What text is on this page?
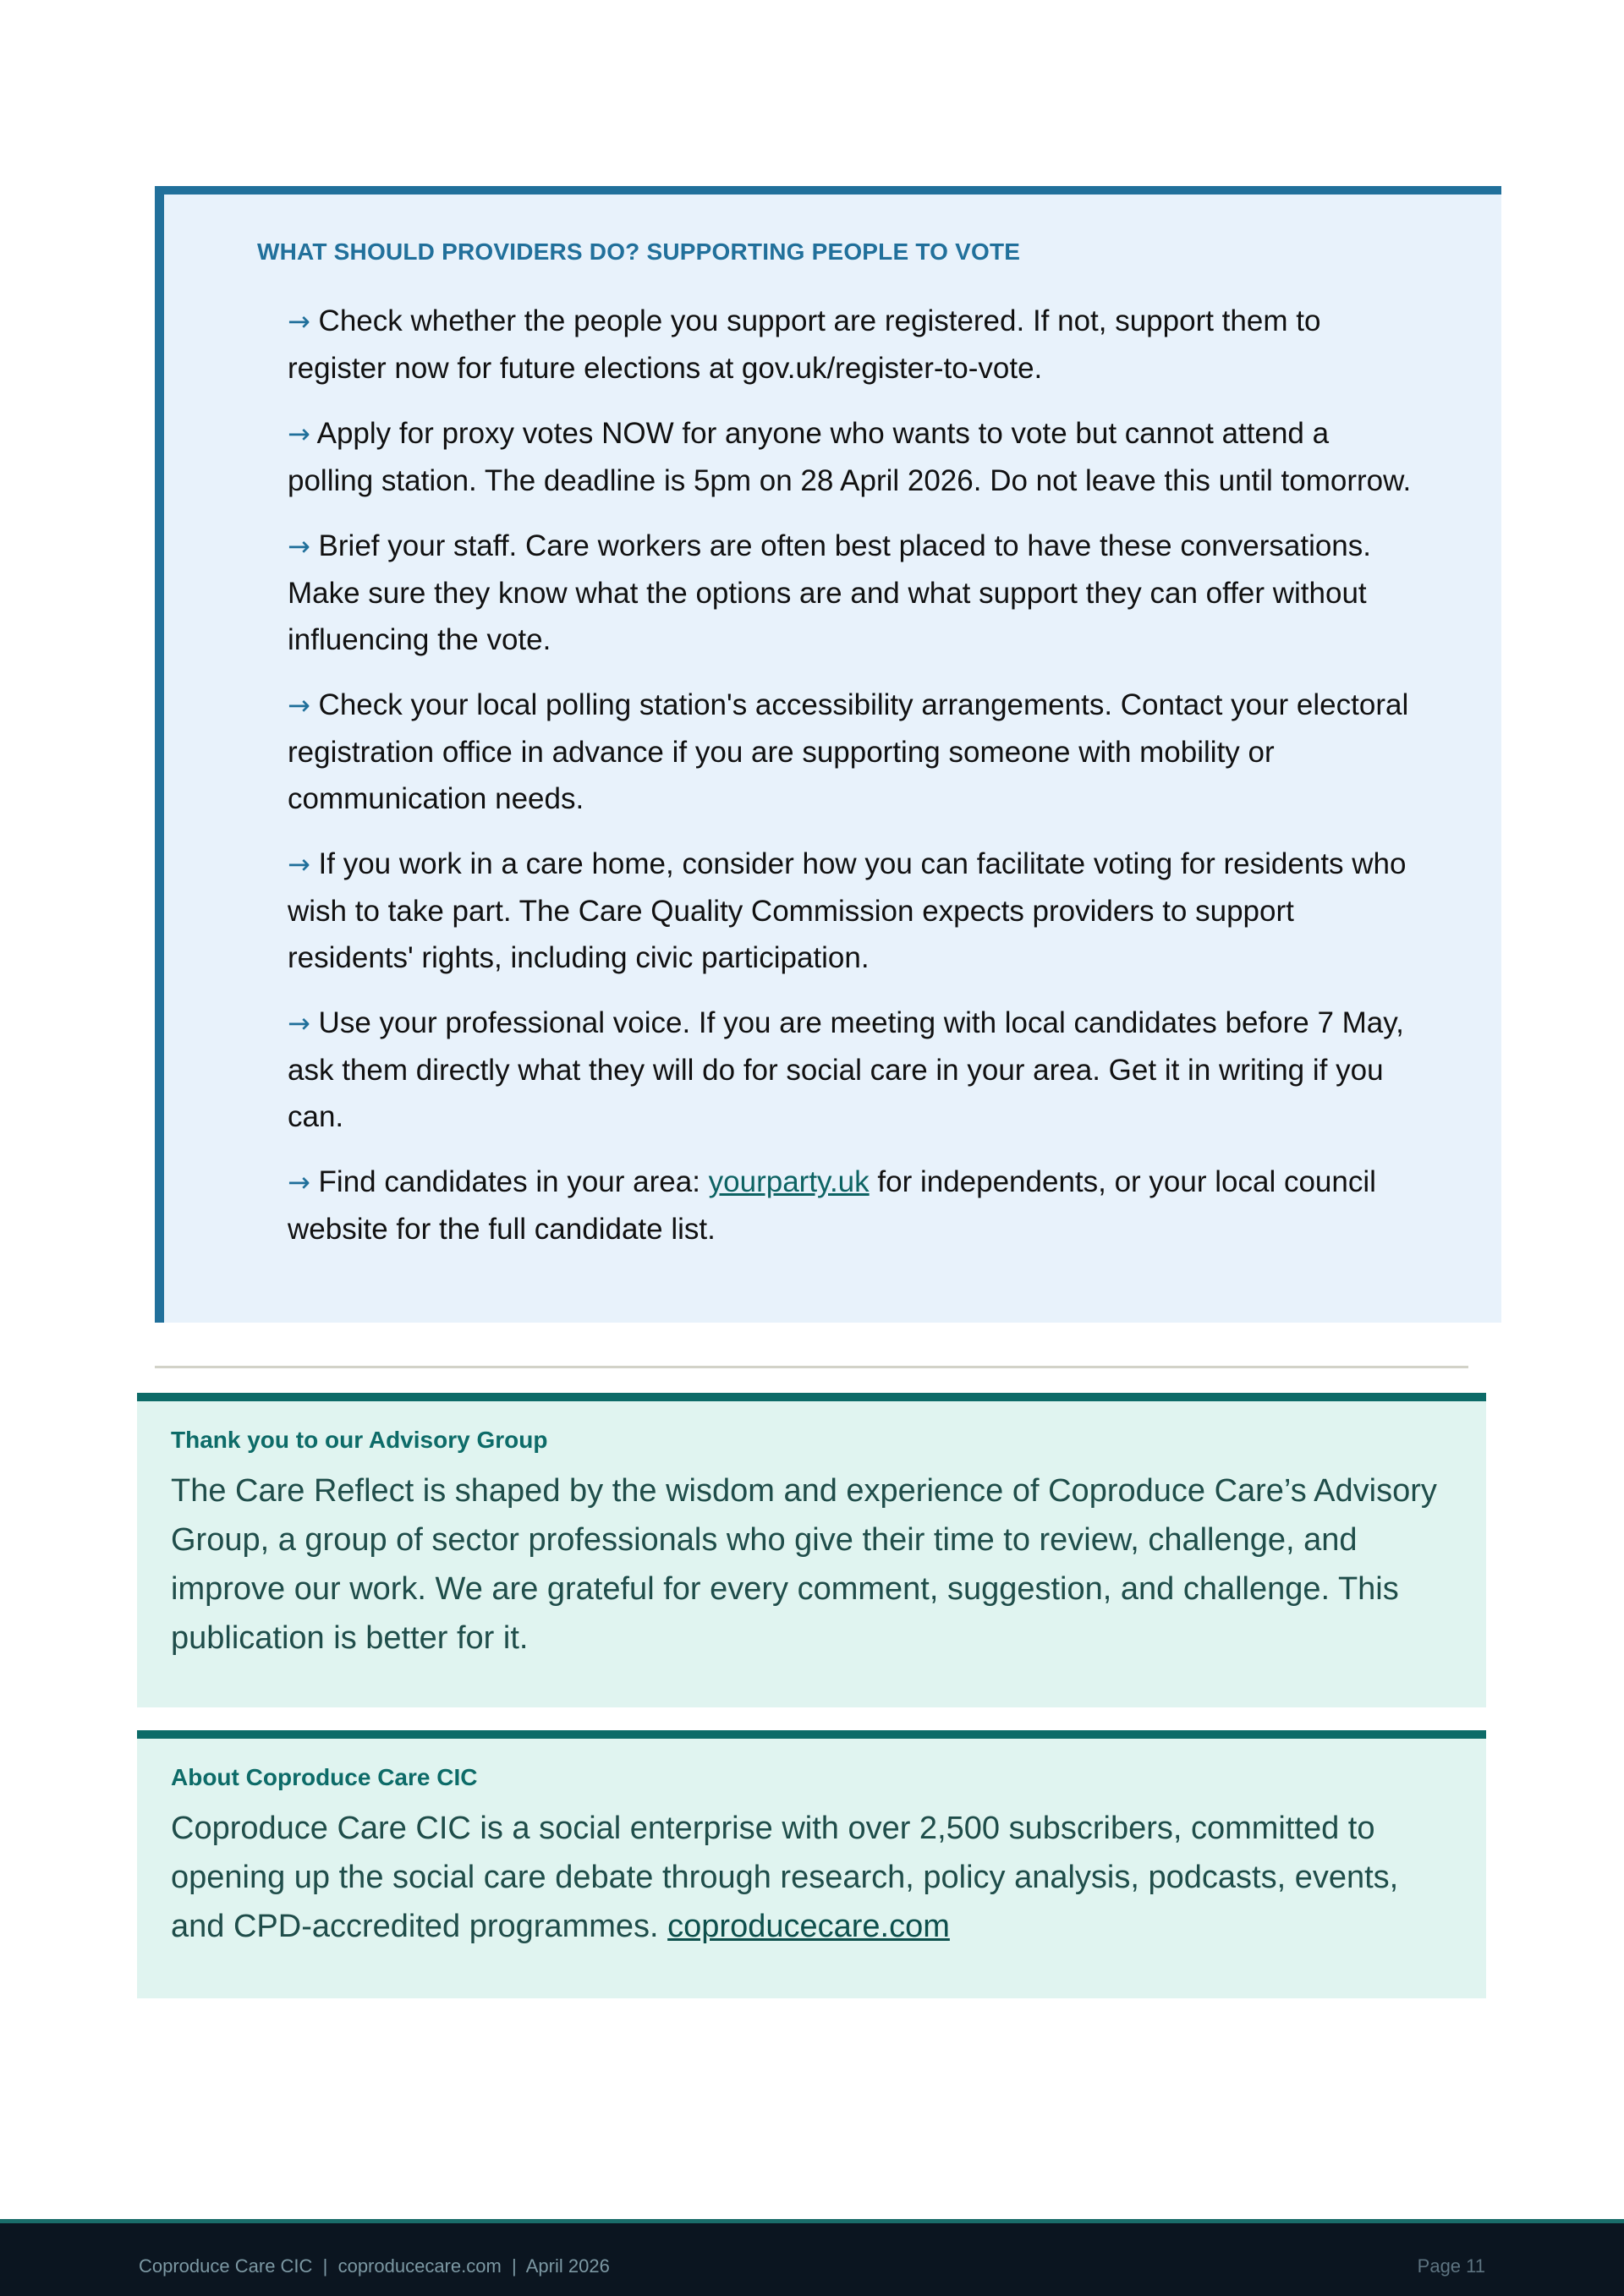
WHAT SHOULD PROVIDERS DO? SUPPORTING PEOPLE TO VOTE
→ Check whether the people you support are registered. If not, support them to register now for future elections at gov.uk/register-to-vote.
→ Apply for proxy votes NOW for anyone who wants to vote but cannot attend a polling station. The deadline is 5pm on 28 April 2026. Do not leave this until tomorrow.
→ Brief your staff. Care workers are often best placed to have these conversations. Make sure they know what the options are and what support they can offer without influencing the vote.
→ Check your local polling station's accessibility arrangements. Contact your electoral registration office in advance if you are supporting someone with mobility or communication needs.
→ If you work in a care home, consider how you can facilitate voting for residents who wish to take part. The Care Quality Commission expects providers to support residents' rights, including civic participation.
→ Use your professional voice. If you are meeting with local candidates before 7 May, ask them directly what they will do for social care in your area. Get it in writing if you can.
→ Find candidates in your area: yourparty.uk for independents, or your local council website for the full candidate list.
Thank you to our Advisory Group

The Care Reflect is shaped by the wisdom and experience of Coproduce Care’s Advisory Group, a group of sector professionals who give their time to review, challenge, and improve our work. We are grateful for every comment, suggestion, and challenge. This publication is better for it.

About Coproduce Care CIC

Coproduce Care CIC is a social enterprise with over 2,500 subscribers, committed to opening up the social care debate through research, policy analysis, podcasts, events, and CPD-accredited programmes. coproducecare.com

Coproduce Care CIC  |  coproducecare.com  |  April 2026	Page 11
